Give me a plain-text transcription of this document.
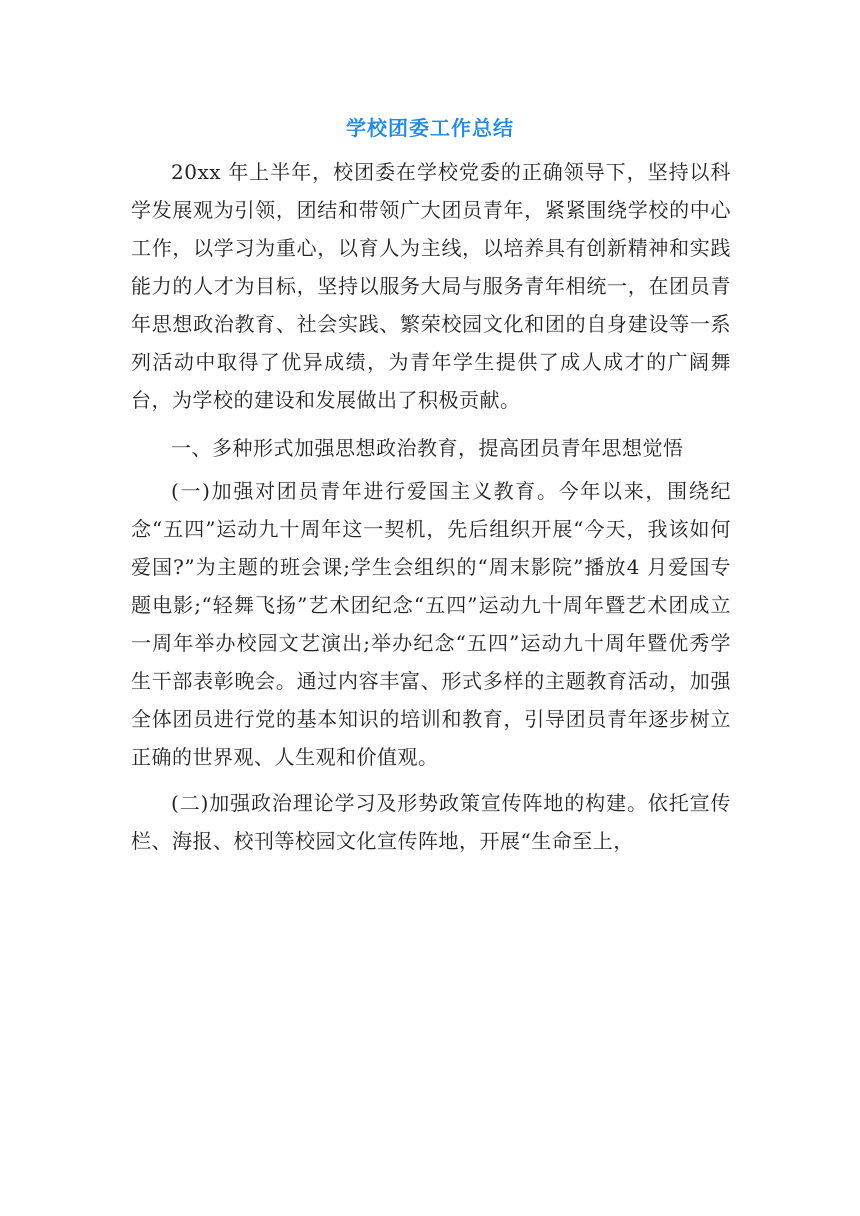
学校团委工作总结

20xx 年上半年，校团委在学校党委的正确领导下，坚持以科学发展观为引领，团结和带领广大团员青年，紧紧围绕学校的中心工作，以学习为重心，以育人为主线，以培养具有创新精神和实践能力的人才为目标，坚持以服务大局与服务青年相统一，在团员青年思想政治教育、社会实践、繁荣校园文化和团的自身建设等一系列活动中取得了优异成绩，为青年学生提供了成人成才的广阔舞台，为学校的建设和发展做出了积极贡献。

一、多种形式加强思想政治教育，提高团员青年思想觉悟

(一)加强对团员青年进行爱国主义教育。今年以来，围绕纪念“五四”运动九十周年这一契机，先后组织开展“今天，我该如何爱国?”为主题的班会课;学生会组织的“周末影院”播放4 月爱国专题电影;“轻舞飞扬”艺术团纪念“五四”运动九十周年暨艺术团成立一周年举办校园文艺演出;举办纪念“五四”运动九十周年暨优秀学生干部表彰晚会。通过内容丰富、形式多样的主题教育活动，加强全体团员进行党的基本知识的培训和教育，引导团员青年逐步树立正确的世界观、人生观和价值观。

(二)加强政治理论学习及形势政策宣传阵地的构建。依托宣传栏、海报、校刊等校园文化宣传阵地，开展“生命至上，
